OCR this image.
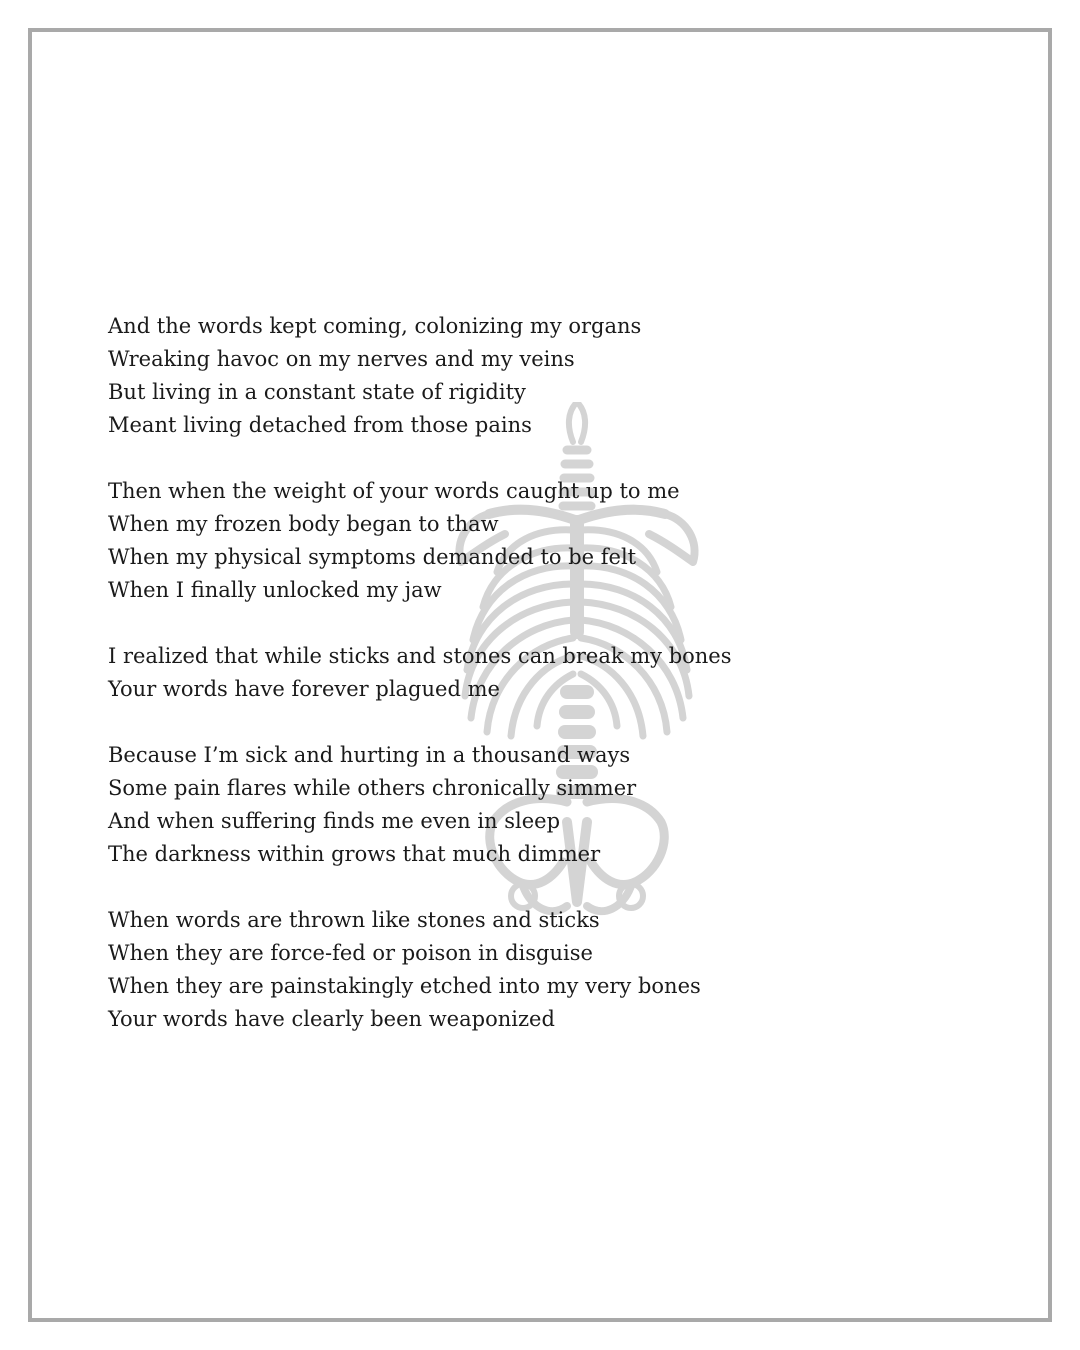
And the words kept coming, colonizing my organs
Wreaking havoc on my nerves and my veins
But living in a constant state of rigidity
Meant living detached from those pains
Then when the weight of your words caught up to me
When my frozen body began to thaw
When my physical symptoms demanded to be felt
When I finally unlocked my jaw
I realized that while sticks and stones can break my bones
Your words have forever plagued me
Because I’m sick and hurting in a thousand ways
Some pain flares while others chronically simmer
And when suffering finds me even in sleep
The darkness within grows that much dimmer
When words are thrown like stones and sticks
When they are force-fed or poison in disguise
When they are painstakingly etched into my very bones
Your words have clearly been weaponized
